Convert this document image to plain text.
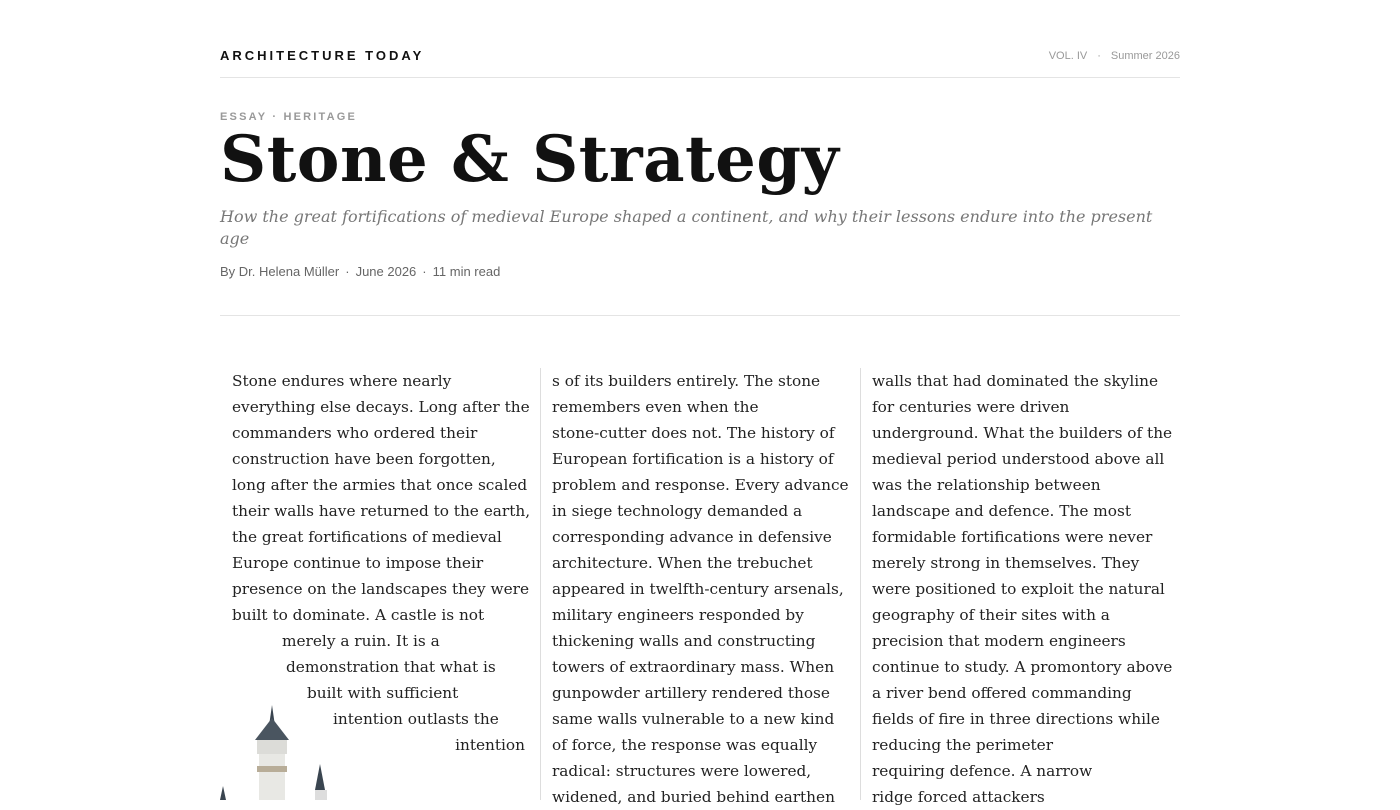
ARCHITECTURE TODAY	VOL. IV · Summer 2026
ESSAY · HERITAGE
Stone & Strategy
How the great fortifications of medieval Europe shaped a continent, and why their lessons endure into the present age
By Dr. Helena Müller · June 2026 · 11 min read
Stone endures where nearly
everything else decays. Long after the
commanders who ordered their
construction have been forgotten,
long after the armies that once scaled
their walls have returned to the earth,
the great fortifications of medieval
Europe continue to impose their
presence on the landscapes they were
built to dominate. A castle is not
merely a ruin. It is a
demonstration that what is
built with sufficient
intention outlasts the
intention
s of its builders entirely. The stone
remembers even when the
stone-cutter does not. The history of
European fortification is a history of
problem and response. Every advance
in siege technology demanded a
corresponding advance in defensive
architecture. When the trebuchet
appeared in twelfth-century arsenals,
military engineers responded by
thickening walls and constructing
towers of extraordinary mass. When
gunpowder artillery rendered those
same walls vulnerable to a new kind
of force, the response was equally
radical: structures were lowered,
widened, and buried behind earthen
walls that had dominated the skyline
for centuries were driven
underground. What the builders of the
medieval period understood above all
was the relationship between
landscape and defence. The most
formidable fortifications were never
merely strong in themselves. They
were positioned to exploit the natural
geography of their sites with a
precision that modern engineers
continue to study. A promontory above
a river bend offered commanding
fields of fire in three directions while
reducing the perimeter
requiring defence. A narrow
ridge forced attackers
